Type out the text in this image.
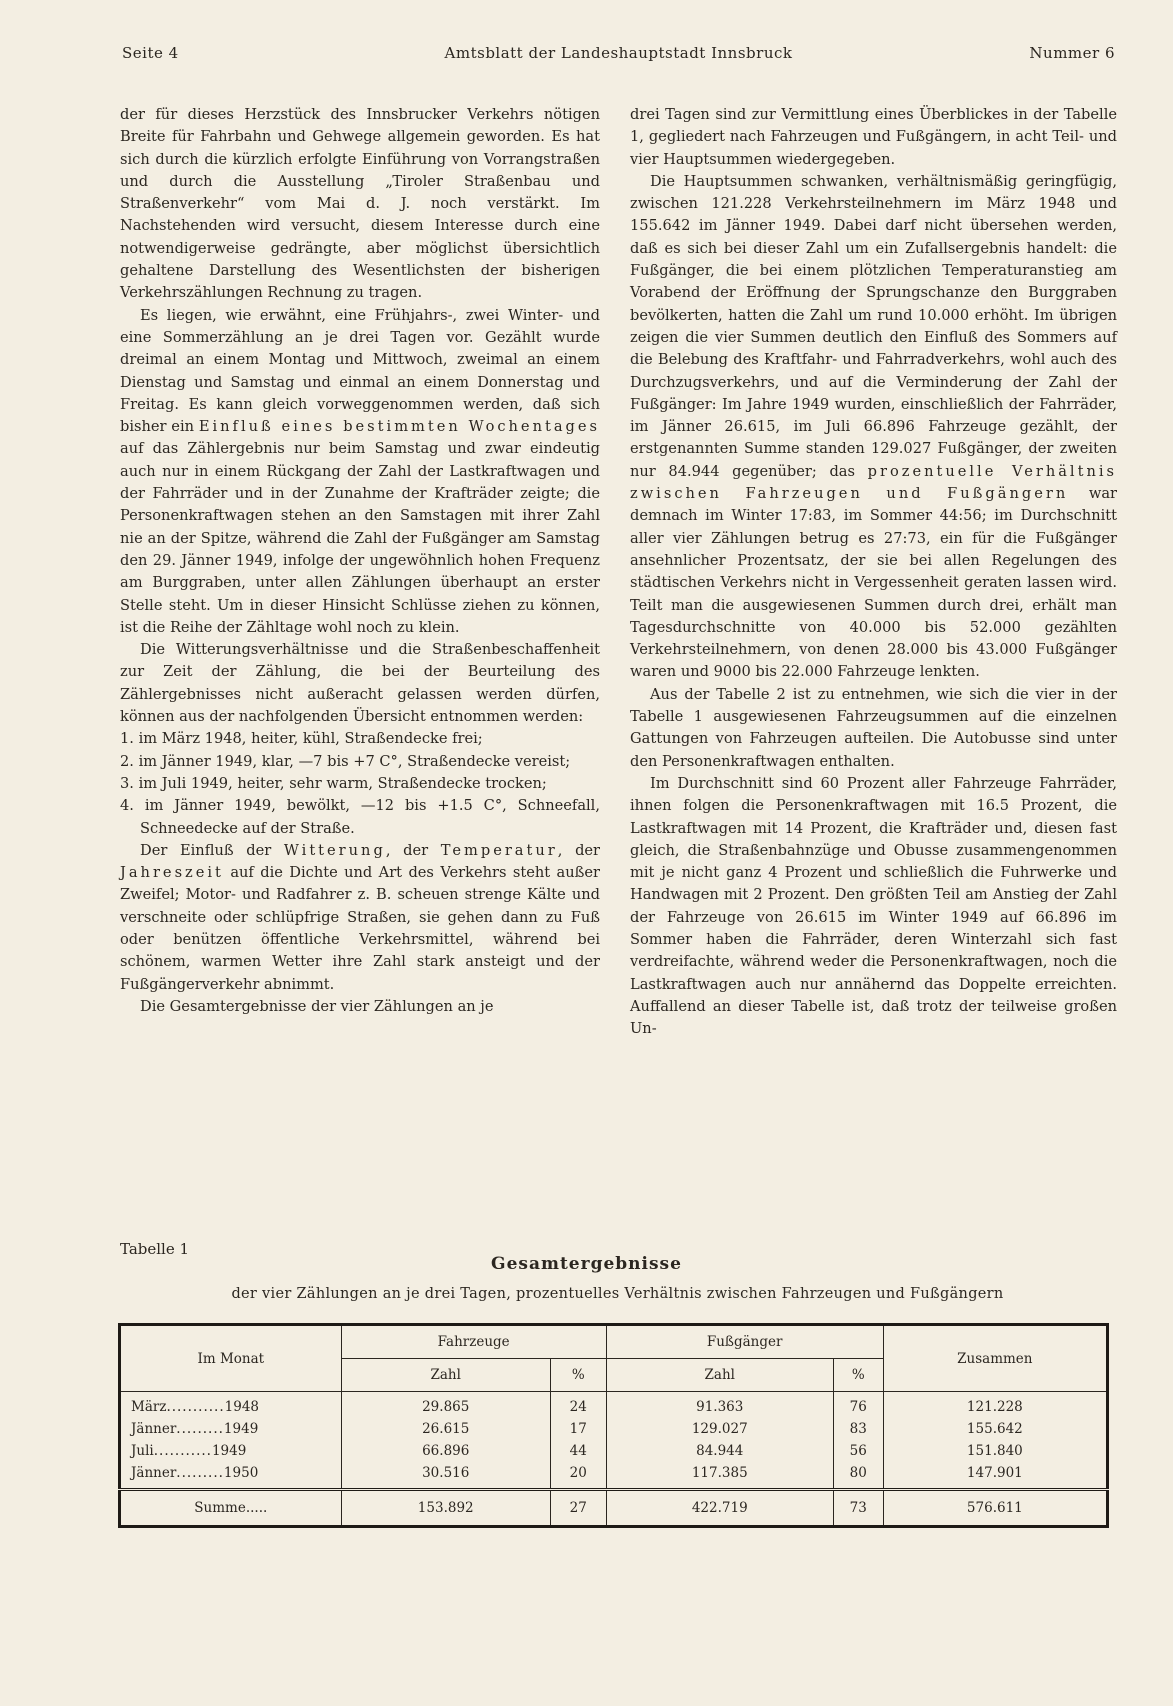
Seite 4	Amtsblatt der Landeshauptstadt Innsbruck	Nummer 6

der für dieses Herzstück des Innsbrucker Verkehrs nötigen Breite für Fahrbahn und Gehwege allgemein geworden. Es hat sich durch die kürzlich erfolgte Einführung von Vorrangstraßen und durch die Ausstellung „Tiroler Straßenbau und Straßenverkehr“ vom Mai d. J. noch verstärkt. Im Nachstehenden wird versucht, diesem Interesse durch eine notwendigerweise gedrängte, aber möglichst übersichtlich gehaltene Darstellung des Wesentlichsten der bisherigen Verkehrszählungen Rechnung zu tragen.

Es liegen, wie erwähnt, eine Frühjahrs-, zwei Winter- und eine Sommerzählung an je drei Tagen vor. Gezählt wurde dreimal an einem Montag und Mittwoch, zweimal an einem Dienstag und Samstag und einmal an einem Donnerstag und Freitag. Es kann gleich vorweggenommen werden, daß sich bisher ein Einfluß eines bestimmten Wochentages auf das Zählergebnis nur beim Samstag und zwar eindeutig auch nur in einem Rückgang der Zahl der Lastkraftwagen und der Fahrräder und in der Zunahme der Krafträder zeigte; die Personenkraftwagen stehen an den Samstagen mit ihrer Zahl nie an der Spitze, während die Zahl der Fußgänger am Samstag den 29. Jänner 1949, infolge der ungewöhnlich hohen Frequenz am Burggraben, unter allen Zählungen überhaupt an erster Stelle steht. Um in dieser Hinsicht Schlüsse ziehen zu können, ist die Reihe der Zähltage wohl noch zu klein.

Die Witterungsverhältnisse und die Straßenbeschaffenheit zur Zeit der Zählung, die bei der Beurteilung des Zählergebnisses nicht außeracht gelassen werden dürfen, können aus der nachfolgenden Übersicht entnommen werden:

1. im März 1948, heiter, kühl, Straßendecke frei;
2. im Jänner 1949, klar, —7 bis +7 C°, Straßendecke vereist;
3. im Juli 1949, heiter, sehr warm, Straßendecke trocken;
4. im Jänner 1949, bewölkt, —12 bis +1.5 C°, Schneefall, Schneedecke auf der Straße.

Der Einfluß der Witterung, der Temperatur, der Jahreszeit auf die Dichte und Art des Verkehrs steht außer Zweifel; Motor- und Radfahrer z. B. scheuen strenge Kälte und verschneite oder schlüpfrige Straßen, sie gehen dann zu Fuß oder benützen öffentliche Verkehrsmittel, während bei schönem, warmen Wetter ihre Zahl stark ansteigt und der Fußgängerverkehr abnimmt.

Die Gesamtergebnisse der vier Zählungen an je

drei Tagen sind zur Vermittlung eines Überblickes in der Tabelle 1, gegliedert nach Fahrzeugen und Fußgängern, in acht Teil- und vier Hauptsummen wiedergegeben.

Die Hauptsummen schwanken, verhältnismäßig geringfügig, zwischen 121.228 Verkehrsteilnehmern im März 1948 und 155.642 im Jänner 1949. Dabei darf nicht übersehen werden, daß es sich bei dieser Zahl um ein Zufallsergebnis handelt: die Fußgänger, die bei einem plötzlichen Temperaturanstieg am Vorabend der Eröffnung der Sprungschanze den Burggraben bevölkerten, hatten die Zahl um rund 10.000 erhöht. Im übrigen zeigen die vier Summen deutlich den Einfluß des Sommers auf die Belebung des Kraftfahr- und Fahrradverkehrs, wohl auch des Durchzugsverkehrs, und auf die Verminderung der Zahl der Fußgänger: Im Jahre 1949 wurden, einschließlich der Fahrräder, im Jänner 26.615, im Juli 66.896 Fahrzeuge gezählt, der erstgenannten Summe standen 129.027 Fußgänger, der zweiten nur 84.944 gegenüber; das prozentuelle Verhältnis zwischen Fahrzeugen und Fußgängern war demnach im Winter 17:83, im Sommer 44:56; im Durchschnitt aller vier Zählungen betrug es 27:73, ein für die Fußgänger ansehnlicher Prozentsatz, der sie bei allen Regelungen des städtischen Verkehrs nicht in Vergessenheit geraten lassen wird. Teilt man die ausgewiesenen Summen durch drei, erhält man Tagesdurchschnitte von 40.000 bis 52.000 gezählten Verkehrsteilnehmern, von denen 28.000 bis 43.000 Fußgänger waren und 9000 bis 22.000 Fahrzeuge lenkten.

Aus der Tabelle 2 ist zu entnehmen, wie sich die vier in der Tabelle 1 ausgewiesenen Fahrzeugsummen auf die einzelnen Gattungen von Fahrzeugen aufteilen. Die Autobusse sind unter den Personenkraftwagen enthalten.

Im Durchschnitt sind 60 Prozent aller Fahrzeuge Fahrräder, ihnen folgen die Personenkraftwagen mit 16.5 Prozent, die Lastkraftwagen mit 14 Prozent, die Krafträder und, diesen fast gleich, die Straßenbahnzüge und Obusse zusammengenommen mit je nicht ganz 4 Prozent und schließlich die Fuhrwerke und Handwagen mit 2 Prozent. Den größten Teil am Anstieg der Zahl der Fahrzeuge von 26.615 im Winter 1949 auf 66.896 im Sommer haben die Fahrräder, deren Winterzahl sich fast verdreifachte, während weder die Personenkraftwagen, noch die Lastkraftwagen auch nur annähernd das Doppelte erreichten. Auffallend an dieser Tabelle ist, daß trotz der teilweise großen Un-

Tabelle 1
Gesamtergebnisse
der vier Zählungen an je drei Tagen, prozentuelles Verhältnis zwischen Fahrzeugen und Fußgängern
Im Monat	Fahrzeuge		Fußgänger		Zusammen
	Zahl	%	Zahl	%	
März...........1948	29.865	24	91.363	76	121.228
Jänner.........1949	26.615	17	129.027	83	155.642
Juli...........1949	66.896	44	84.944	56	151.840
Jänner.........1950	30.516	20	117.385	80	147.901
Summe.....	153.892	27	422.719	73	576.611
